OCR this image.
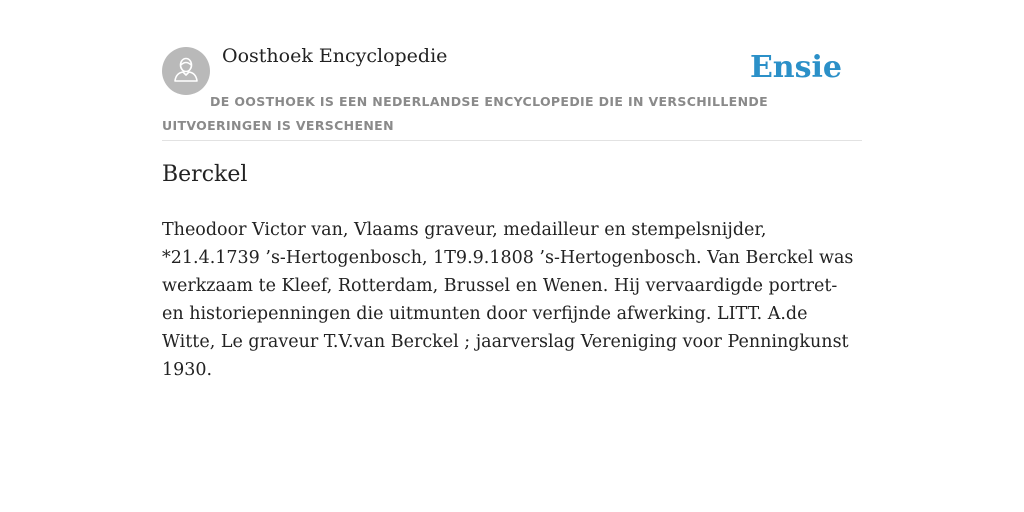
Oosthoek Encyclopedie	Ensie

DE OOSTHOEK IS EEN NEDERLANDSE ENCYCLOPEDIE DIE IN VERSCHILLENDE UITVOERINGEN IS VERSCHENEN

Berckel

Theodoor Victor van, Vlaams graveur, medailleur en stempelsnijder, *21.4.1739 ’s-Hertogenbosch, 1T9.9.1808 ’s-Hertogenbosch. Van Berckel was werkzaam te Kleef, Rotterdam, Brussel en Wenen. Hij vervaardigde portret- en historiepenningen die uitmunten door verfijnde afwerking. LITT. A.de Witte, Le graveur T.V.van Berckel ; jaarverslag Vereniging voor Penningkunst 1930.
